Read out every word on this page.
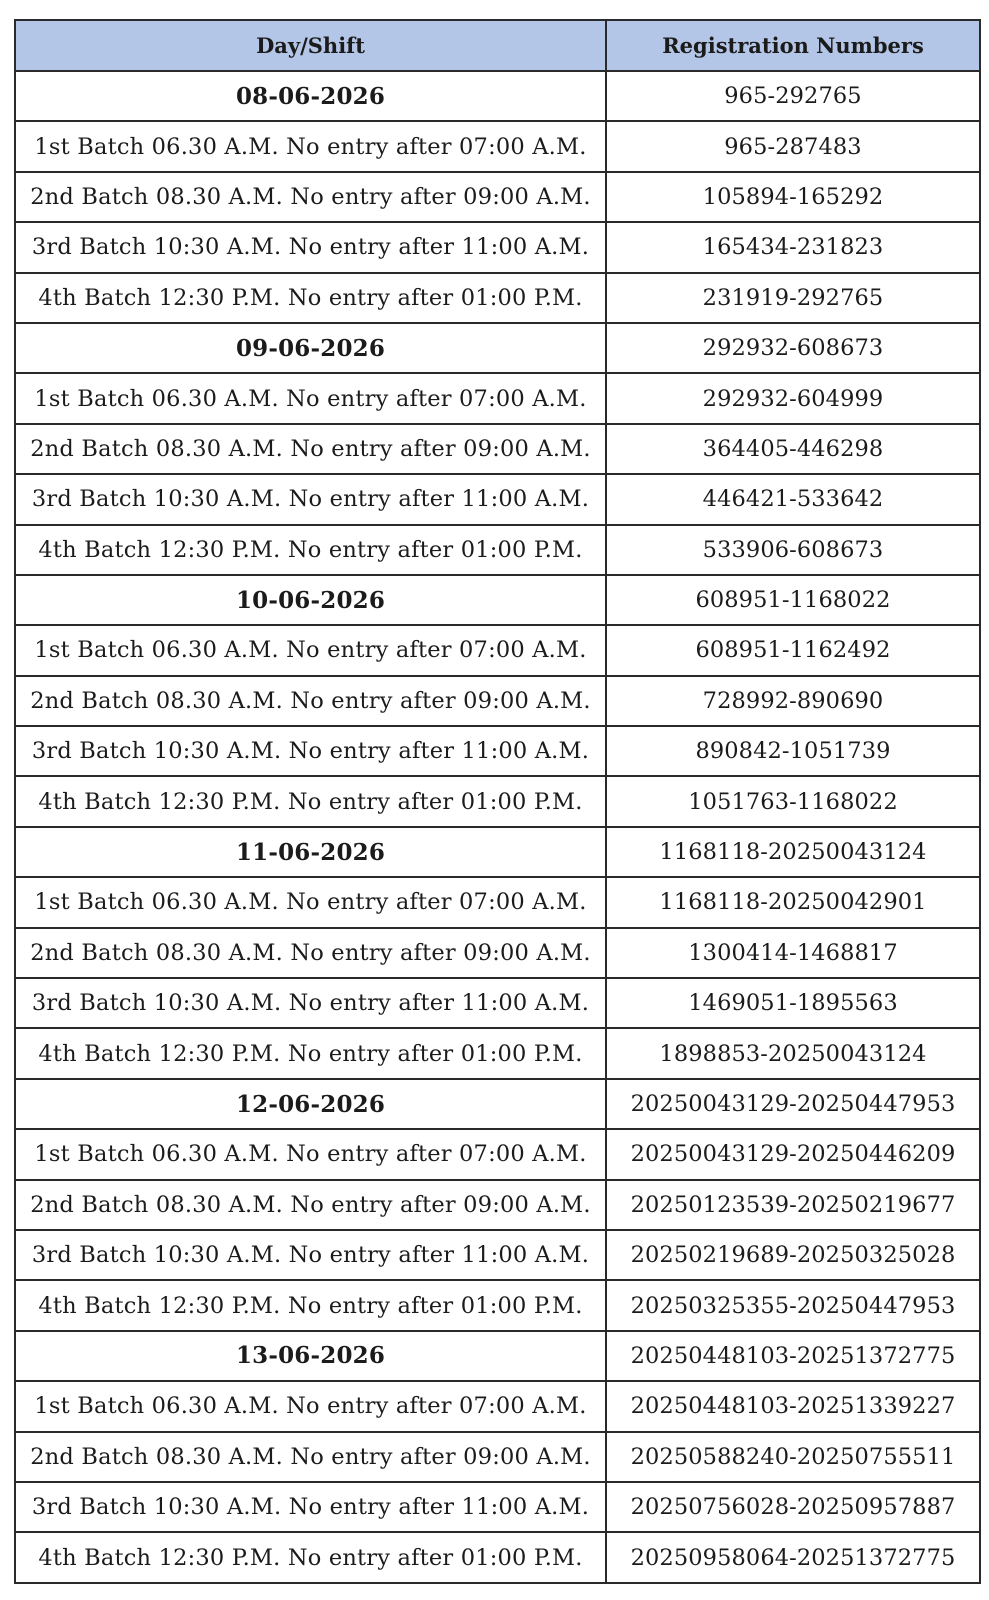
Day/Shift	Registration Numbers
08-06-2026	965-292765
1st Batch 06.30 A.M. No entry after 07:00 A.M.	965-287483
2nd Batch 08.30 A.M. No entry after 09:00 A.M.	105894-165292
3rd Batch 10:30 A.M. No entry after 11:00 A.M.	165434-231823
4th Batch 12:30 P.M. No entry after 01:00 P.M.	231919-292765
09-06-2026	292932-608673
1st Batch 06.30 A.M. No entry after 07:00 A.M.	292932-604999
2nd Batch 08.30 A.M. No entry after 09:00 A.M.	364405-446298
3rd Batch 10:30 A.M. No entry after 11:00 A.M.	446421-533642
4th Batch 12:30 P.M. No entry after 01:00 P.M.	533906-608673
10-06-2026	608951-1168022
1st Batch 06.30 A.M. No entry after 07:00 A.M.	608951-1162492
2nd Batch 08.30 A.M. No entry after 09:00 A.M.	728992-890690
3rd Batch 10:30 A.M. No entry after 11:00 A.M.	890842-1051739
4th Batch 12:30 P.M. No entry after 01:00 P.M.	1051763-1168022
11-06-2026	1168118-20250043124
1st Batch 06.30 A.M. No entry after 07:00 A.M.	1168118-20250042901
2nd Batch 08.30 A.M. No entry after 09:00 A.M.	1300414-1468817
3rd Batch 10:30 A.M. No entry after 11:00 A.M.	1469051-1895563
4th Batch 12:30 P.M. No entry after 01:00 P.M.	1898853-20250043124
12-06-2026	20250043129-20250447953
1st Batch 06.30 A.M. No entry after 07:00 A.M.	20250043129-20250446209
2nd Batch 08.30 A.M. No entry after 09:00 A.M.	20250123539-20250219677
3rd Batch 10:30 A.M. No entry after 11:00 A.M.	20250219689-20250325028
4th Batch 12:30 P.M. No entry after 01:00 P.M.	20250325355-20250447953
13-06-2026	20250448103-20251372775
1st Batch 06.30 A.M. No entry after 07:00 A.M.	20250448103-20251339227
2nd Batch 08.30 A.M. No entry after 09:00 A.M.	20250588240-20250755511
3rd Batch 10:30 A.M. No entry after 11:00 A.M.	20250756028-20250957887
4th Batch 12:30 P.M. No entry after 01:00 P.M.	20250958064-20251372775
